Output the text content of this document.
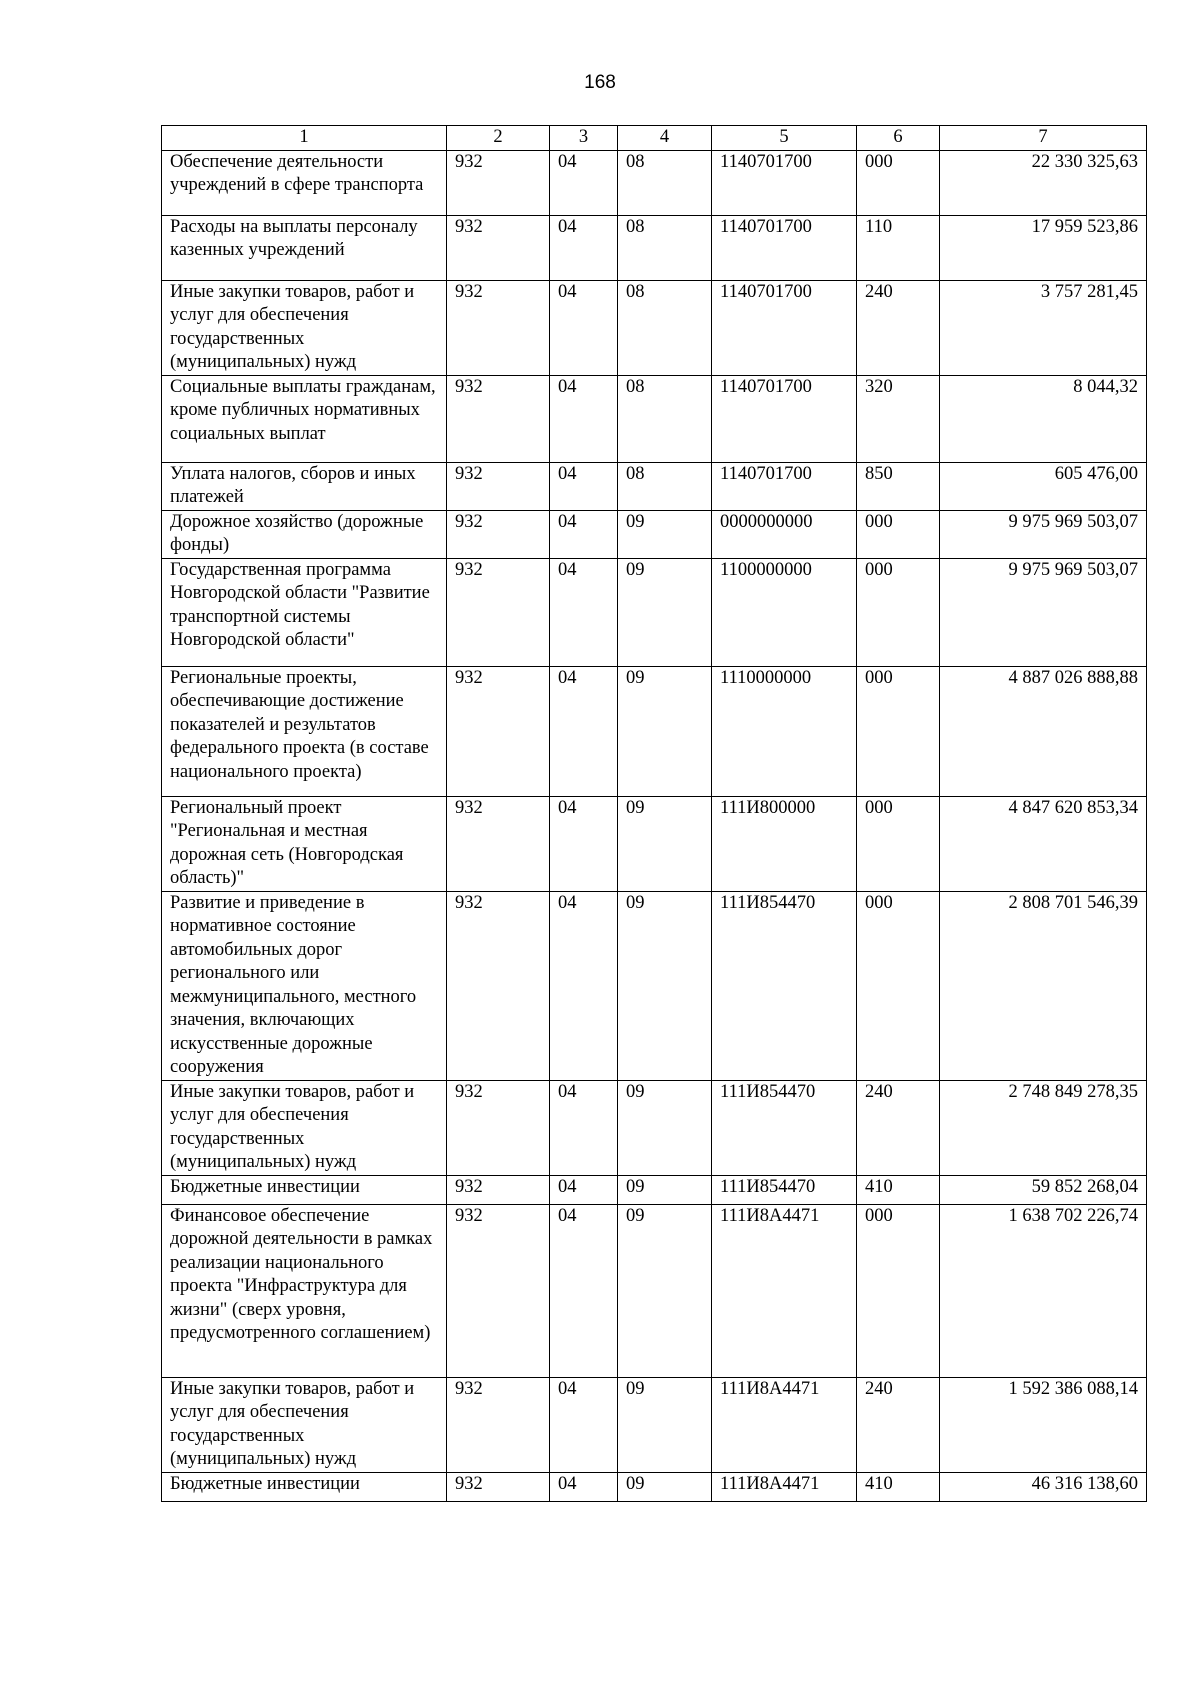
168
1	2	3	4	5	6	7
Обеспечение деятельности учреждений в сфере транспорта	932	04	08	1140701700	000	22 330 325,63
Расходы на выплаты персоналу казенных учреждений	932	04	08	1140701700	110	17 959 523,86
Иные закупки товаров, работ и услуг для обеспечения государственных (муниципальных) нужд	932	04	08	1140701700	240	3 757 281,45
Социальные выплаты гражданам, кроме публичных нормативных социальных выплат	932	04	08	1140701700	320	8 044,32
Уплата налогов, сборов и иных платежей	932	04	08	1140701700	850	605 476,00
Дорожное хозяйство (дорожные фонды)	932	04	09	0000000000	000	9 975 969 503,07
Государственная программа Новгородской области "Развитие транспортной системы Новгородской области"	932	04	09	1100000000	000	9 975 969 503,07
Региональные проекты, обеспечивающие достижение показателей и результатов федерального проекта (в составе национального проекта)	932	04	09	1110000000	000	4 887 026 888,88
Региональный проект "Региональная и местная дорожная сеть (Новгородская область)"	932	04	09	111И800000	000	4 847 620 853,34
Развитие и приведение в нормативное состояние автомобильных дорог регионального или межмуниципального, местного значения, включающих искусственные дорожные сооружения	932	04	09	111И854470	000	2 808 701 546,39
Иные закупки товаров, работ и услуг для обеспечения государственных (муниципальных) нужд	932	04	09	111И854470	240	2 748 849 278,35
Бюджетные инвестиции	932	04	09	111И854470	410	59 852 268,04
Финансовое обеспечение дорожной деятельности в рамках реализации национального проекта "Инфраструктура для жизни" (сверх уровня, предусмотренного соглашением)	932	04	09	111И8А4471	000	1 638 702 226,74
Иные закупки товаров, работ и услуг для обеспечения государственных (муниципальных) нужд	932	04	09	111И8А4471	240	1 592 386 088,14
Бюджетные инвестиции	932	04	09	111И8А4471	410	46 316 138,60
